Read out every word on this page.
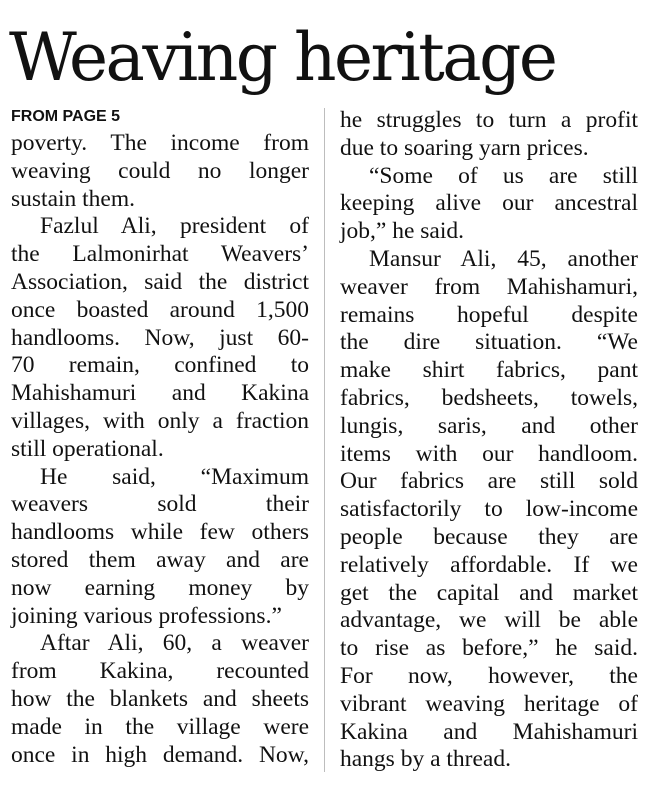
Weaving heritage
FROM PAGE 5

poverty. The income from
weaving could no longer
sustain them.

Fazlul Ali, president of
the Lalmonirhat Weavers’
Association, said the district
once boasted around 1,500
handlooms. Now, just 60-
70 remain, confined to
Mahishamuri and Kakina
villages, with only a fraction
still operational.

He said, “Maximum
weavers sold their
handlooms while few others
stored them away and are
now earning money by
joining various professions.”

Aftar Ali, 60, a weaver
from Kakina, recounted
how the blankets and sheets
made in the village were
once in high demand. Now,

he struggles to turn a profit
due to soaring yarn prices.

“Some of us are still
keeping alive our ancestral
job,” he said.

Mansur Ali, 45, another
weaver from Mahishamuri,
remains hopeful despite
the dire situation. “We
make shirt fabrics, pant
fabrics, bedsheets, towels,
lungis, saris, and other
items with our handloom.
Our fabrics are still sold
satisfactorily to low-income
people because they are
relatively affordable. If we
get the capital and market
advantage, we will be able
to rise as before,” he said.
For now, however, the
vibrant weaving heritage of
Kakina and Mahishamuri
hangs by a thread.
